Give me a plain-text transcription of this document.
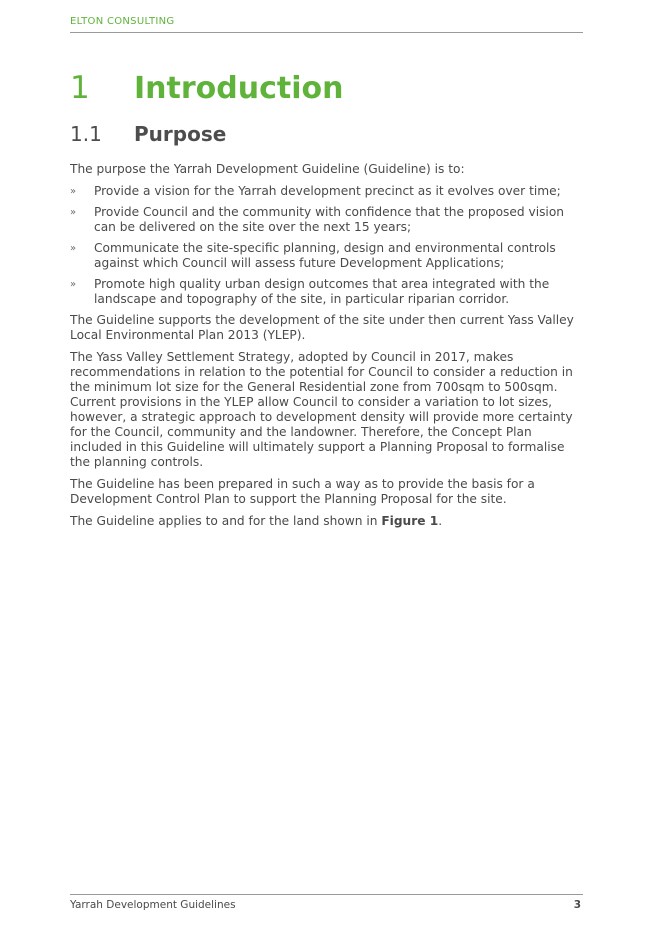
ELTON CONSULTING
1	Introduction
1.1	Purpose

The purpose the Yarrah Development Guideline (Guideline) is to:

»	Provide a vision for the Yarrah development precinct as it evolves over time;
»	Provide Council and the community with confidence that the proposed vision can be delivered on the site over the next 15 years;
»	Communicate the site-specific planning, design and environmental controls against which Council will assess future Development Applications;
»	Promote high quality urban design outcomes that area integrated with the landscape and topography of the site, in particular riparian corridor.

The Guideline supports the development of the site under then current Yass Valley Local Environmental Plan 2013 (YLEP).

The Yass Valley Settlement Strategy, adopted by Council in 2017, makes recommendations in relation to the potential for Council to consider a reduction in the minimum lot size for the General Residential zone from 700sqm to 500sqm. Current provisions in the YLEP allow Council to consider a variation to lot sizes, however, a strategic approach to development density will provide more certainty for the Council, community and the landowner. Therefore, the Concept Plan included in this Guideline will ultimately support a Planning Proposal to formalise the planning controls.

The Guideline has been prepared in such a way as to provide the basis for a Development Control Plan to support the Planning Proposal for the site.

The Guideline applies to and for the land shown in Figure 1.

Yarrah Development Guidelines	3
